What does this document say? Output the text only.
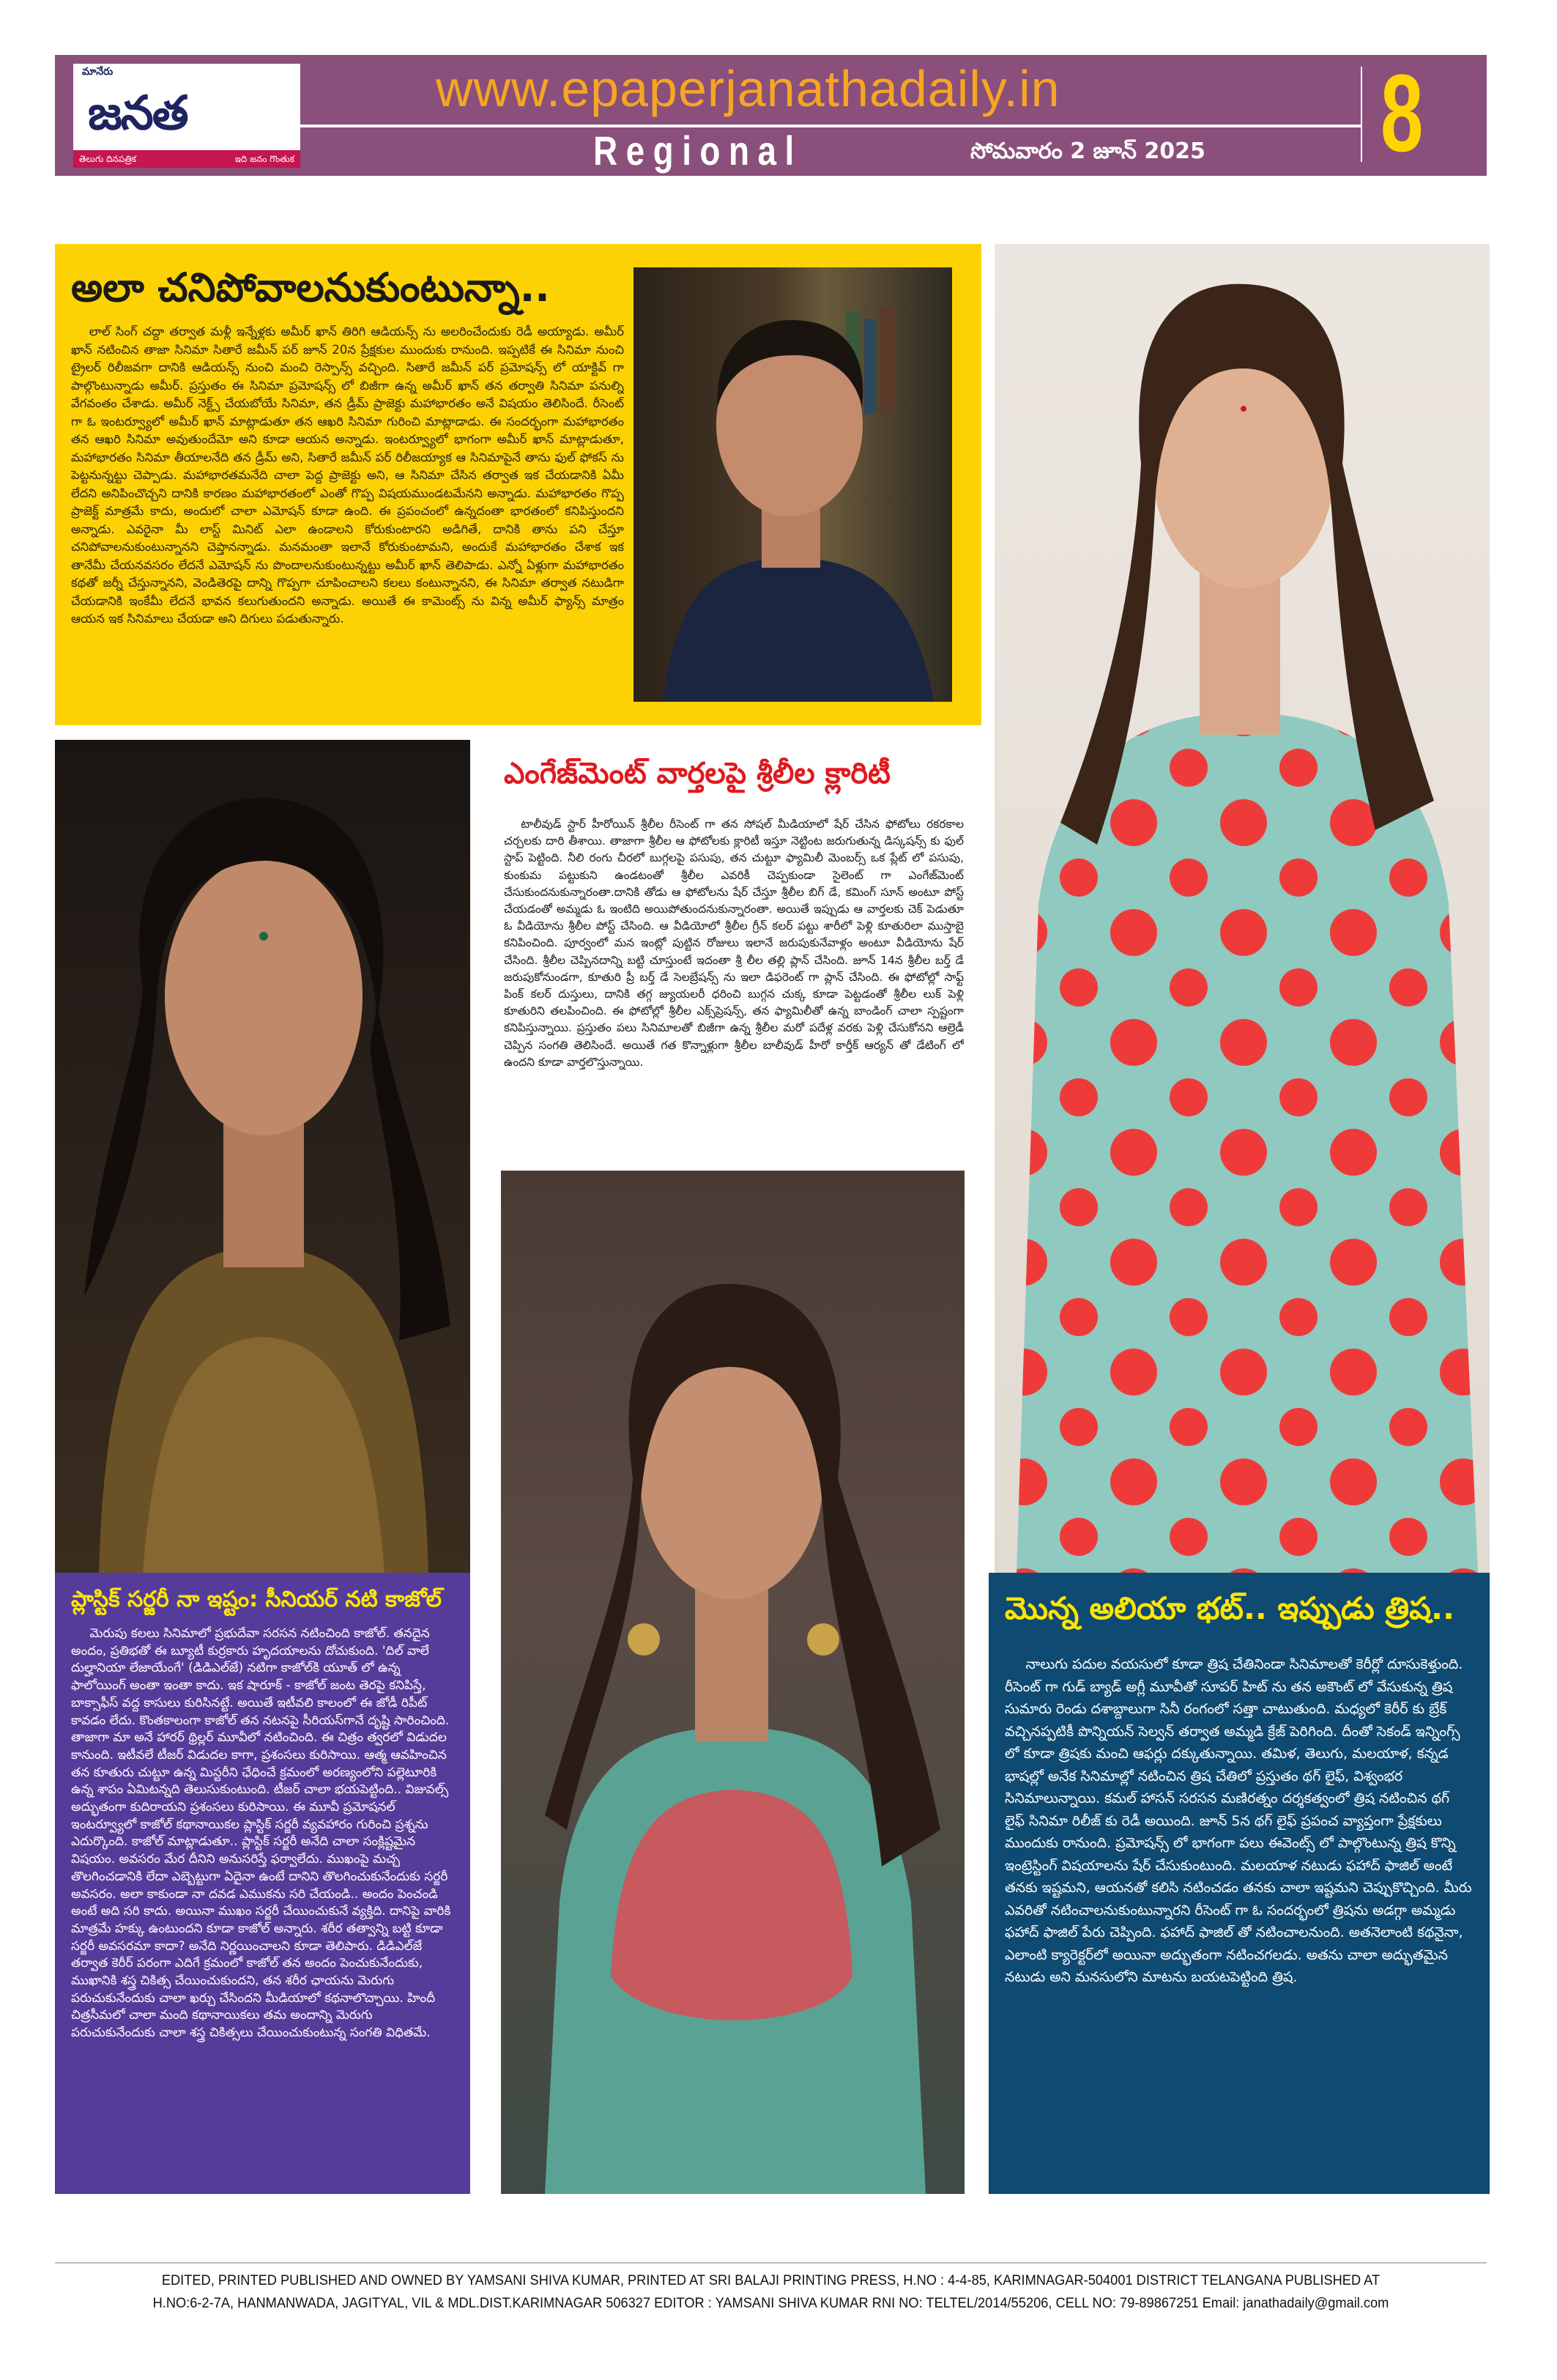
మానేరు
జనత
తెలుగు దినపత్రిక	ఇది జనం గొంతుక
www.epaperjanathadaily.in
Regional	సోమవారం 2 జూన్ 2025 8
అలా చనిపోవాలనుకుంటున్నా..
లాల్ సింగ్ చద్దా తర్వాత మళ్లీ ఇన్నేళ్లకు అమీర్ ఖాన్ తిరిగి ఆడియన్స్ ను అలరించేందుకు రెడీ అయ్యాడు. అమీర్ ఖాన్ నటించిన తాజా సినిమా సితారే జమీన్ పర్ జూన్ 20న ప్రేక్షకుల ముందుకు రానుంది. ఇప్పటికే ఈ సినిమా నుంచి ట్రైలర్ రిలీజవగా దానికి ఆడియన్స్ నుంచి మంచి రెస్పాన్స్ వచ్చింది. సితారే జమీన్ పర్ ప్రమోషన్స్ లో యాక్టివ్ గా పాల్గొంటున్నాడు అమీర్. ప్రస్తుతం ఈ సినిమా ప్రమోషన్స్ లో బిజీగా ఉన్న అమీర్ ఖాన్ తన తర్వాతి సినిమా పనుల్ని వేగవంతం చేశాడు. అమీర్ నెక్ట్స్ చేయబోయే సినిమా, తన డ్రీమ్ ప్రాజెక్టు మహాభారతం అనే విషయం తెలిసిందే. రీసెంట్ గా ఓ ఇంటర్వ్యూలో అమీర్ ఖాన్ మాట్లాడుతూ తన ఆఖరి సినిమా గురించి మాట్లాడాడు. ఈ సందర్భంగా మహాభారతం తన ఆఖరి సినిమా అవుతుందేమో అని కూడా ఆయన అన్నాడు. ఇంటర్వ్యూలో భాగంగా అమీర్ ఖాన్ మాట్లాడుతూ, మహాభారతం సినిమా తీయాలనేది తన డ్రీమ్ అని, సితారే జమీన్ పర్ రిలీజయ్యాక ఆ సినిమాపైనే తాను ఫుల్ ఫోకస్ ను పెట్టనున్నట్టు చెప్పాడు. మహాభారతమనేది చాలా పెద్ద ప్రాజెక్టు అని, ఆ సినిమా చేసిన తర్వాత ఇక చేయడానికి ఏమీ లేదని అనిపించొచ్చని దానికి కారణం మహాభారతంలో ఎంతో గొప్ప విషయముండటమేనని అన్నాడు. మహాభారతం గొప్ప ప్రాజెక్ట్ మాత్రమే కాదు, అందులో చాలా ఎమోషన్ కూడా ఉంది. ఈ ప్రపంచంలో ఉన్నదంతా భారతంలో కనిపిస్తుందని అన్నాడు. ఎవరైనా మీ లాస్ట్ మినిట్ ఎలా ఉండాలని కోరుకుంటారని అడిగితే, దానికి తాను పని చేస్తూ చనిపోవాలనుకుంటున్నానని చెప్తానన్నాడు. మనమంతా ఇలానే కోరుకుంటామని, అందుకే మహాభారతం చేశాక ఇక తానేమీ చేయనవసరం లేదనే ఎమోషన్ ను పొందాలనుకుంటున్నట్టు అమీర్ ఖాన్ తెలిపాడు. ఎన్నో ఏళ్లుగా మహాభారతం కథతో జర్నీ చేస్తున్నానని, వెండితెరపై దాన్ని గొప్పగా చూపించాలని కలలు కంటున్నానని, ఈ సినిమా తర్వాత నటుడిగా చేయడానికి ఇంకేమీ లేదనే భావన కలుగుతుందని అన్నాడు. అయితే ఈ కామెంట్స్ ను విన్న అమీర్ ఫ్యాన్స్ మాత్రం ఆయన ఇక సినిమాలు చేయడా అని దిగులు పడుతున్నారు.
ప్లాస్టిక్ సర్జరీ నా ఇష్టం: సీనియర్ నటి కాజోల్
మెరుపు కలలు సినిమాలో ప్రభుదేవా సరసన నటించింది కాజోల్. తనదైన అందం, ప్రతిభతో ఈ బ్యూటీ కుర్రకారు హృదయాలను దోచుకుంది. 'దిల్ వాలే దుల్హానియా లేజాయేంగే' (డిడిఎల్‌జే) నటిగా కాజోల్‌కి యూత్ లో ఉన్న ఫాలోయింగ్ అంతా ఇంతా కాదు. ఇక షారూక్ - కాజోల్ జంట తెరపై కనిపిస్తే, బాక్సాఫీస్ వద్ద కాసులు కురిసినట్టే. అయితే ఇటీవలి కాలంలో ఈ జోడీ రిపీట్ కావడం లేదు. కొంతకాలంగా కాజోల్ తన నటనపై సీరియస్‌గానే దృష్టి సారించింది. తాజాగా మా అనే హారర్ థ్రిల్లర్ మూవీలో నటించింది. ఈ చిత్రం త్వరలో విడుదల కానుంది. ఇటీవలే టీజర్ విడుదల కాగా, ప్రశంసలు కురిసాయి. ఆత్మ ఆవహించిన తన కూతురు చుట్టూ ఉన్న మిస్టరీని ఛేధించే క్రమంలో అరణ్యంలోని పల్లెటూరికి ఉన్న శాపం ఏమిటన్నది తెలుసుకుంటుంది. టీజర్ చాలా భయపెట్టింది.. విజువల్స్ అద్భుతంగా కుదిరాయని ప్రశంసలు కురిసాయి. ఈ మూవీ ప్రమోషనల్ ఇంటర్వ్యూలో కాజోల్ కథానాయికల ప్లాస్టిక్ సర్జరీ వ్యవహారం గురించి ప్రశ్నను ఎదుర్కొంది. కాజోల్ మాట్లాడుతూ.. ప్లాస్టిక్ సర్జరీ అనేది చాలా సంక్లిష్టమైన విషయం. అవసరం మేర దీనిని అనుసరిస్తే ఫర్వాలేదు. ముఖంపై మచ్చ తొలగించడానికి లేదా ఎబ్బెట్టుగా ఏదైనా ఉంటే దానిని తొలగించుకునేందుకు సర్జరీ అవసరం. అలా కాకుండా నా దవడ ఎముకను సరి చేయండి.. అందం పెంచండి అంటే అది సరి కాదు. అయినా ముఖం సర్జరీ చేయించుకునే వ్యక్తిది. దానిపై వారికి మాత్రమే హక్కు ఉంటుందని కూడా కాజోల్ అన్నారు. శరీర తత్వాన్ని బట్టి కూడా సర్జరీ అవసరమా కాదా? అనేది నిర్ణయించాలని కూడా తెలిపారు. డిడిఎల్‌జే తర్వాత కెరీర్ పరంగా ఎదిగే క్రమంలో కాజోల్ తన అందం పెంచుకునేందుకు, ముఖానికి శస్త్ర చికిత్స చేయించుకుందని, తన శరీర ఛాయను మెరుగు పరుచుకునేందుకు చాలా ఖర్చు చేసిందని మీడియాలో కథనాలొచ్చాయి. హిందీ చిత్రసీమలో చాలా మంది కథానాయికలు తమ అందాన్ని మెరుగు పరుచుకునేందుకు చాలా శస్త్ర చికిత్సలు చేయించుకుంటున్న సంగతి విధితమే.
ఎంగేజ్‌మెంట్ వార్తలపై శ్రీలీల క్లారిటీ
టాలీవుడ్ స్టార్ హీరోయిన్ శ్రీలీల రీసెంట్ గా తన సోషల్ మీడియాలో షేర్ చేసిన ఫోటోలు రకరకాల చర్చలకు దారి తీశాయి. తాజాగా శ్రీలీల ఆ ఫోటోలకు క్లారిటీ ఇస్తూ నెట్టింట జరుగుతున్న డిస్కషన్స్ కు ఫుల్ స్టాప్ పెట్టింది. నీలి రంగు చీరలో బుగ్గలపై పసుపు, తన చుట్టూ ఫ్యామిలీ మెంబర్స్ ఒక ప్లేట్ లో పసుపు, కుంకుమ పట్టుకుని ఉండటంతో శ్రీలీల ఎవరికీ చెప్పకుండా సైలెంట్ గా ఎంగేజ్‌మెంట్ చేసుకుందనుకున్నారంతా.దానికి తోడు ఆ ఫోటోలను షేర్ చేస్తూ శ్రీలీల బిగ్ డే, కమింగ్ సూన్ అంటూ పోస్ట్ చేయడంతో అమ్మడు ఓ ఇంటిది అయిపోతుందనుకున్నారంతా. అయితే ఇప్పుడు ఆ వార్తలకు చెక్ పెడుతూ ఓ వీడియోను శ్రీలీల పోస్ట్ చేసింది. ఆ వీడియోలో శ్రీలీల గ్రీన్ కలర్ పట్టు శారీలో పెళ్లి కూతురిలా ముస్తాబై కనిపించింది. పూర్వంలో మన ఇంట్లో పుట్టిన రోజులు ఇలానే జరుపుకునేవాళ్లం అంటూ వీడియోను షేర్ చేసింది. శ్రీలీల చెప్పినదాన్ని బట్టి చూస్తుంటే ఇదంతా శ్రీ లీల తల్లి ప్లాన్ చేసింది. జూన్ 14న శ్రీలీల బర్త్ డే జరుపుకోనుండగా, కూతురి ప్రీ బర్త్ డే సెలబ్రేషన్స్ ను ఇలా డిఫరెంట్ గా ప్లాన్ చేసింది. ఈ ఫోటోల్లో సాఫ్ట్ పింక్ కలర్ దుస్తులు, దానికి తగ్గ జ్యుయలరీ ధరించి బుగ్గన చుక్క కూడా పెట్టడంతో శ్రీలీల లుక్ పెళ్లి కూతురిని తలపించింది. ఈ ఫోటోల్లో శ్రీలీల ఎక్స్‌ప్రెషన్స్, తన ఫ్యామిలీతో ఉన్న బాండింగ్ చాలా స్పష్టంగా కనిపిస్తున్నాయి. ప్రస్తుతం పలు సినిమాలతో బిజీగా ఉన్న శ్రీలీల మరో పదేళ్ల వరకు పెళ్లి చేసుకోనని ఆల్రెడీ చెప్పిన సంగతి తెలిసిందే. అయితే గత కొన్నాళ్లుగా శ్రీలీల బాలీవుడ్ హీరో కార్తీక్ ఆర్యన్ తో డేటింగ్ లో ఉందని కూడా వార్తలొస్తున్నాయి.
మొన్న అలియా భట్.. ఇప్పుడు త్రిష..
నాలుగు పదుల వయసులో కూడా త్రిష చేతినిండా సినిమాలతో కెరీర్లో దూసుకెళ్తుంది. రీసెంట్ గా గుడ్ బ్యాడ్ అగ్లీ మూవీతో సూపర్ హిట్ ను తన అకౌంట్ లో వేసుకున్న త్రిష సుమారు రెండు దశాబ్దాలుగా సినీ రంగంలో సత్తా చాటుతుంది. మధ్యలో కెరీర్ కు బ్రేక్ వచ్చినప్పటికీ పొన్నియన్ సెల్వన్ తర్వాత అమ్మడి క్రేజ్ పెరిగింది. దీంతో సెకండ్ ఇన్నింగ్స్ లో కూడా త్రిషకు మంచి ఆఫర్లు దక్కుతున్నాయి. తమిళ, తెలుగు, మలయాళ, కన్నడ భాషల్లో అనేక సినిమాల్లో నటించిన త్రిష చేతిలో ప్రస్తుతం థగ్ లైఫ్, విశ్వంభర సినిమాలున్నాయి. కమల్ హాసన్ సరసన మణిరత్నం దర్శకత్వంలో త్రిష నటించిన థగ్ లైఫ్ సినిమా రిలీజ్ కు రెడీ అయింది. జూన్ 5న థగ్ లైఫ్ ప్రపంచ వ్యాప్తంగా ప్రేక్షకులు ముందుకు రానుంది. ప్రమోషన్స్ లో భాగంగా పలు ఈవెంట్స్ లో పాల్గొంటున్న త్రిష కొన్ని ఇంట్రెస్టింగ్ విషయాలను షేర్ చేసుకుంటుంది. మలయాళ నటుడు ఫహాద్ ఫాజిల్ అంటే తనకు ఇష్టమని, ఆయనతో కలిసి నటించడం తనకు చాలా ఇష్టమని చెప్పుకొచ్చింది. మీరు ఎవరితో నటించాలనుకుంటున్నారని రీసెంట్ గా ఓ సందర్భంలో త్రిషను అడగ్గా అమ్మడు ఫహాద్ ఫాజిల్ పేరు చెప్పింది. ఫహాద్ ఫాజిల్ తో నటించాలనుంది. అతనెలాంటి కథనైనా, ఎలాంటి క్యారెక్టర్‌లో అయినా అద్భుతంగా నటించగలడు. అతను చాలా అద్భుతమైన నటుడు అని మనసులోని మాటను బయటపెట్టింది త్రిష.
EDITED, PRINTED PUBLISHED AND OWNED BY YAMSANI SHIVA KUMAR, PRINTED AT SRI BALAJI PRINTING PRESS, H.NO : 4-4-85, KARIMNAGAR-504001 DISTRICT TELANGANA PUBLISHED AT
H.NO:6-2-7A, HANMANWADA, JAGITYAL, VIL & MDL.DIST.KARIMNAGAR 506327 EDITOR : YAMSANI SHIVA KUMAR RNI NO: TELTEL/2014/55206, CELL NO: 79-89867251 Email: janathadaily@gmail.com
